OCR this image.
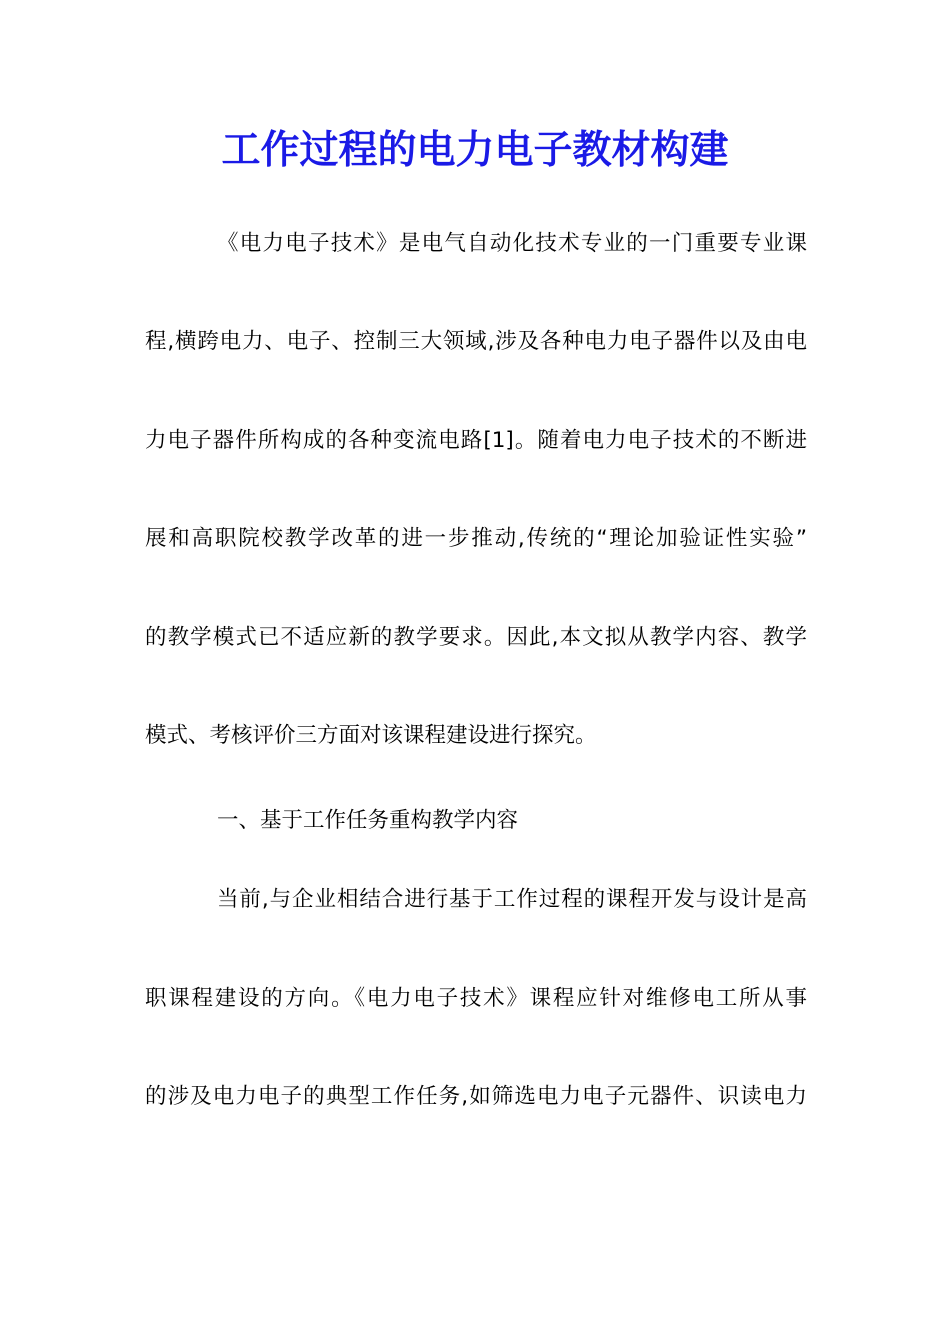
工作过程的电力电子教材构建

《电力电子技术》是电气自动化技术专业的一门重要专业课

程,横跨电力、电子、控制三大领域,涉及各种电力电子器件以及由电

力电子器件所构成的各种变流电路[1]。随着电力电子技术的不断进

展和高职院校教学改革的进一步推动,传统的“理论加验证性实验”

的教学模式已不适应新的教学要求。因此,本文拟从教学内容、教学

模式、考核评价三方面对该课程建设进行探究。

一、基于工作任务重构教学内容

当前,与企业相结合进行基于工作过程的课程开发与设计是高

职课程建设的方向。《电力电子技术》课程应针对维修电工所从事

的涉及电力电子的典型工作任务,如筛选电力电子元器件、识读电力
